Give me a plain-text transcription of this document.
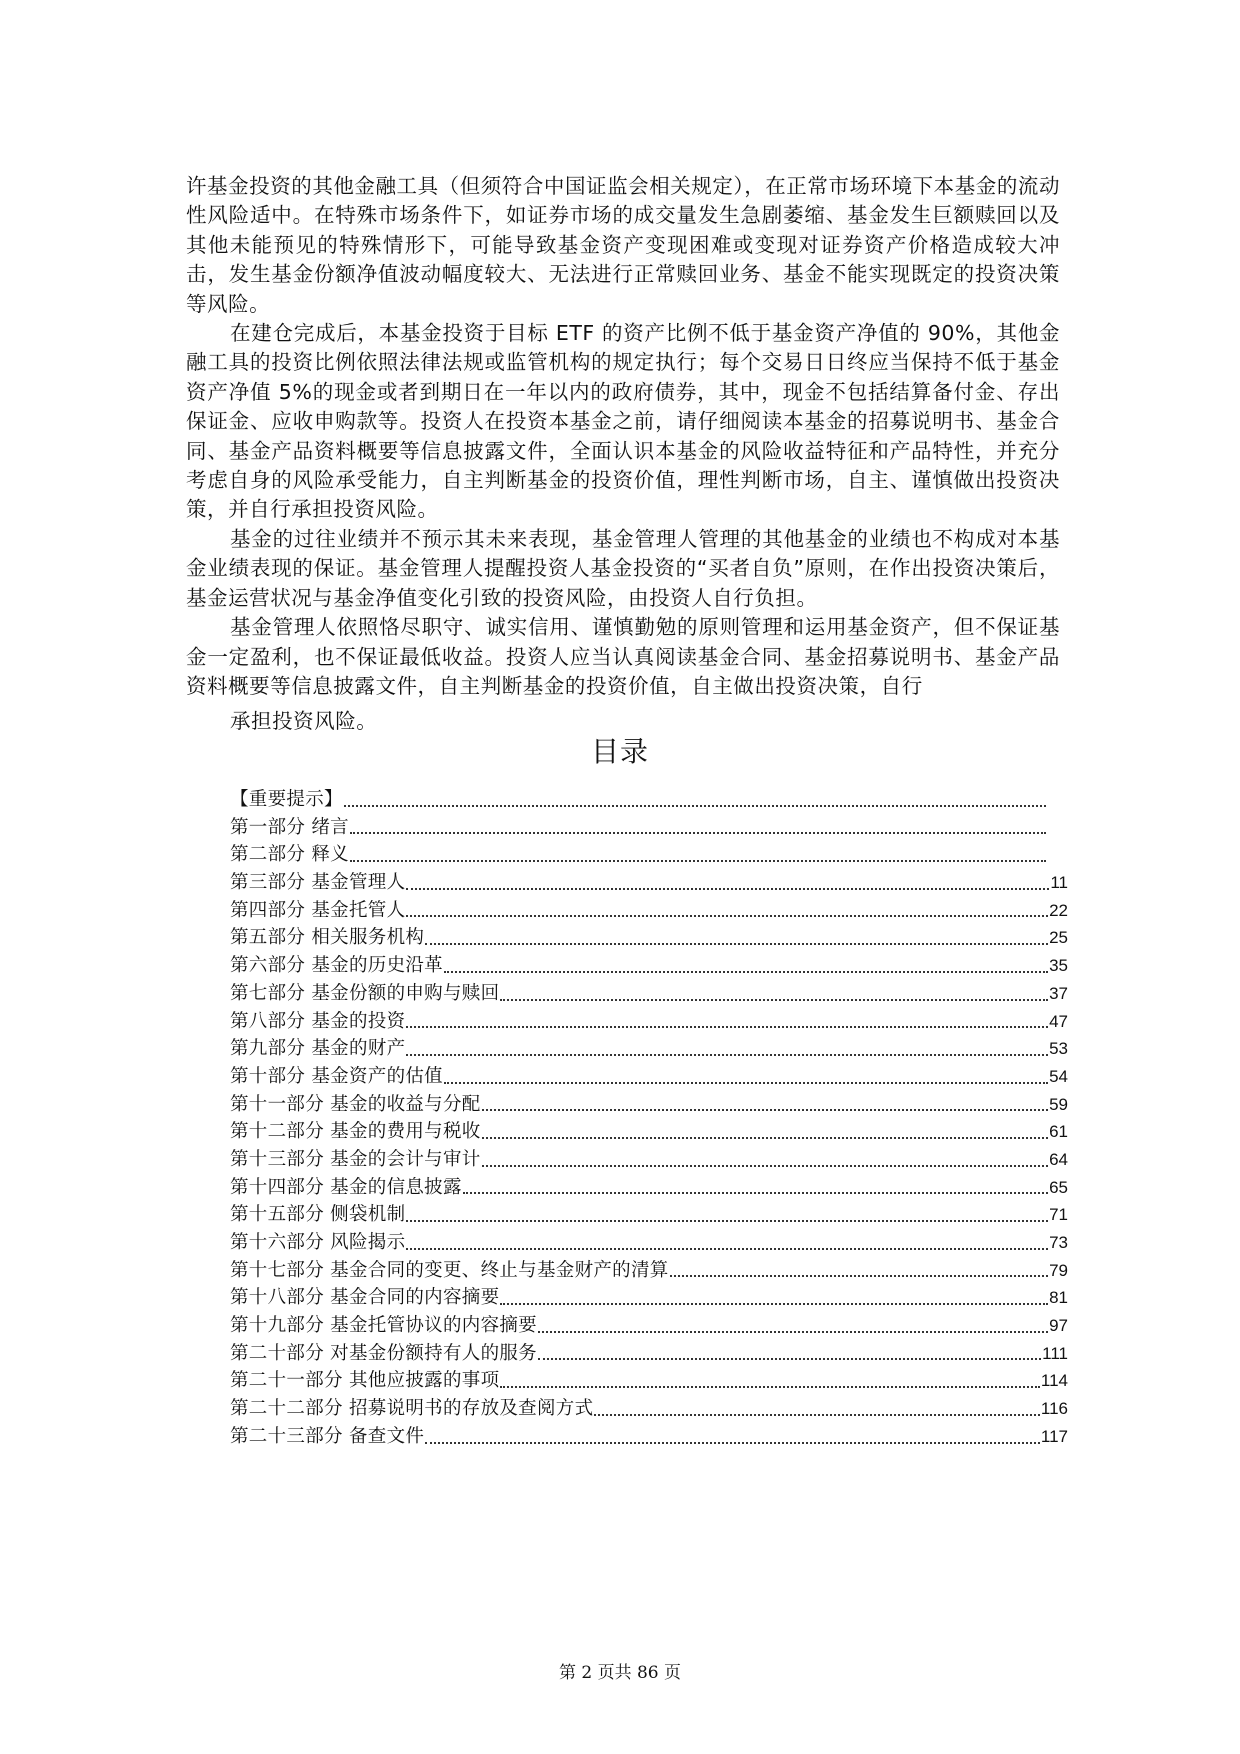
许基金投资的其他金融工具（但须符合中国证监会相关规定），在正常市场环境下本基金的流动性风险适中。在特殊市场条件下，如证券市场的成交量发生急剧萎缩、基金发生巨额赎回以及其他未能预见的特殊情形下，可能导致基金资产变现困难或变现对证券资产价格造成较大冲击，发生基金份额净值波动幅度较大、无法进行正常赎回业务、基金不能实现既定的投资决策等风险。

在建仓完成后，本基金投资于目标 ETF 的资产比例不低于基金资产净值的 90%，其他金融工具的投资比例依照法律法规或监管机构的规定执行；每个交易日日终应当保持不低于基金资产净值 5%的现金或者到期日在一年以内的政府债券，其中，现金不包括结算备付金、存出保证金、应收申购款等。投资人在投资本基金之前，请仔细阅读本基金的招募说明书、基金合同、基金产品资料概要等信息披露文件，全面认识本基金的风险收益特征和产品特性，并充分考虑自身的风险承受能力，自主判断基金的投资价值，理性判断市场，自主、谨慎做出投资决策，并自行承担投资风险。

基金的过往业绩并不预示其未来表现，基金管理人管理的其他基金的业绩也不构成对本基金业绩表现的保证。基金管理人提醒投资人基金投资的“买者自负”原则，在作出投资决策后，基金运营状况与基金净值变化引致的投资风险，由投资人自行负担。

基金管理人依照恪尽职守、诚实信用、谨慎勤勉的原则管理和运用基金资产，但不保证基金一定盈利，也不保证最低收益。投资人应当认真阅读基金合同、基金招募说明书、基金产品资料概要等信息披露文件，自主判断基金的投资价值，自主做出投资决策，自行
承担投资风险。

目录
【重要提示】
第一部分 绪言
第二部分 释义
第三部分 基金管理人	11
第四部分 基金托管人	22
第五部分 相关服务机构	25
第六部分 基金的历史沿革	35
第七部分 基金份额的申购与赎回	37
第八部分 基金的投资	47
第九部分 基金的财产	53
第十部分 基金资产的估值	54
第十一部分 基金的收益与分配	59
第十二部分 基金的费用与税收	61
第十三部分 基金的会计与审计	64
第十四部分 基金的信息披露	65
第十五部分 侧袋机制	71
第十六部分 风险揭示	73
第十七部分 基金合同的变更、终止与基金财产的清算	79
第十八部分 基金合同的内容摘要	81
第十九部分 基金托管协议的内容摘要	97
第二十部分 对基金份额持有人的服务	111
第二十一部分 其他应披露的事项	114
第二十二部分 招募说明书的存放及查阅方式	116
第二十三部分 备查文件	117
第 2 页共 86 页
